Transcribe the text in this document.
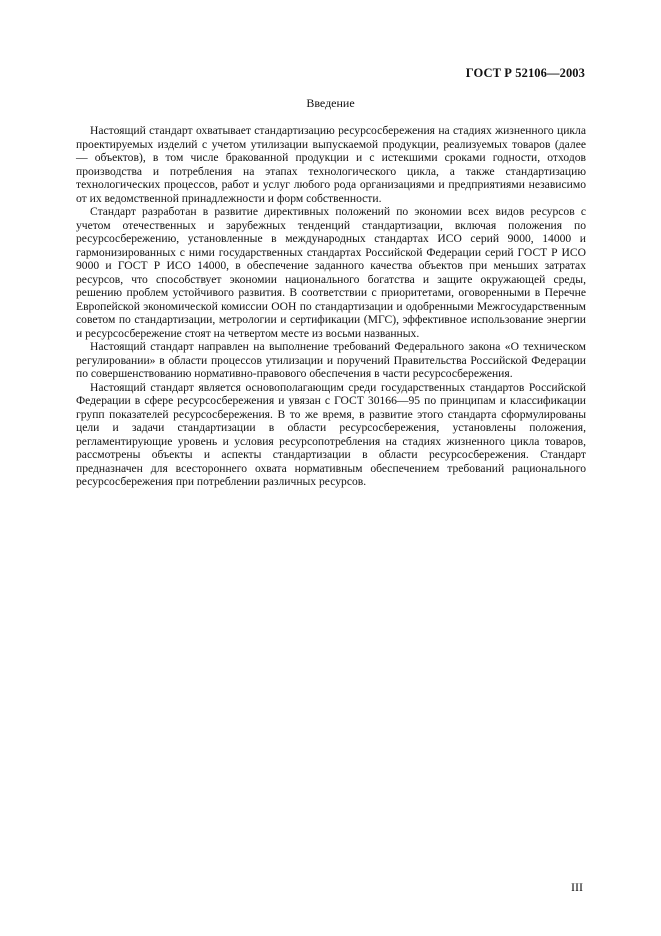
ГОСТ Р 52106—2003
Введение

Настоящий стандарт охватывает стандартизацию ресурсосбережения на стадиях жизненного цикла проектируемых изделий с учетом утилизации выпускаемой продукции, реализуемых товаров (далее — объектов), в том числе бракованной продукции и с истекшими сроками годности, отходов производства и потребления на этапах технологического цикла, а также стандартизацию технологических процессов, работ и услуг любого рода организациями и предприятиями независимо от их ведомственной принадлежности и форм собственности.

Стандарт разработан в развитие директивных положений по экономии всех видов ресурсов с учетом отечественных и зарубежных тенденций стандартизации, включая положения по ресурсосбережению, установленные в международных стандартах ИСО серий 9000, 14000 и гармонизированных с ними государственных стандартах Российской Федерации серий ГОСТ Р ИСО 9000 и ГОСТ Р ИСО 14000, в обеспечение заданного качества объектов при меньших затратах ресурсов, что способствует экономии национального богатства и защите окружающей среды, решению проблем устойчивого развития. В соответствии с приоритетами, оговоренными в Перечне Европейской экономической комиссии ООН по стандартизации и одобренными Межгосударственным советом по стандартизации, метрологии и сертификации (МГС), эффективное использование энергии и ресурсосбережение стоят на четвертом месте из восьми названных.

Настоящий стандарт направлен на выполнение требований Федерального закона «О техническом регулировании» в области процессов утилизации и поручений Правительства Российской Федерации по совершенствованию нормативно-правового обеспечения в части ресурсосбережения.

Настоящий стандарт является основополагающим среди государственных стандартов Российской Федерации в сфере ресурсосбережения и увязан с ГОСТ 30166—95 по принципам и классификации групп показателей ресурсосбережения. В то же время, в развитие этого стандарта сформулированы цели и задачи стандартизации в области ресурсосбережения, установлены положения, регламентирующие уровень и условия ресурсопотребления на стадиях жизненного цикла товаров, рассмотрены объекты и аспекты стандартизации в области ресурсосбережения. Стандарт предназначен для всестороннего охвата нормативным обеспечением требований рационального ресурсосбережения при потреблении различных ресурсов.

III
